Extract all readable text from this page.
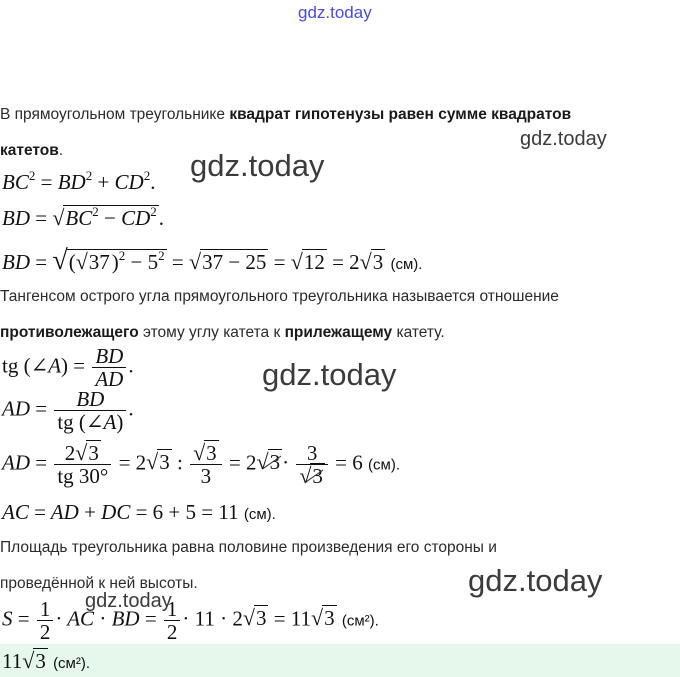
gdz.today
gdz.today
gdz.today
gdz.today
gdz.today
gdz.today
В прямоугольном треугольнике квадрат гипотенузы равен сумме квадратов
катетов.
$BC^2 = BD^2 + CD^2$.
BD = $√BC^2 - CD^2$.
BD = $√(√37)^2 - 5^2 = √37 - 25 = √12 = 2√3$ (см).
Тангенсом острого угла прямоугольного треугольника называется отношение
противолежащего этому углу катета к прилежащему катету.
tg (∠A) = $\frac{BD}{AD}$ .
AD = $\frac{BD}{tg (\angle A)}$ .
AD = $\frac{2√3}{tg 30^\circ} = 2√3$ : $\frac{√3}{3} = 2√3\cdot \frac{3}{√3} = 6$ (см).
AC = AD + DC = 6 + 5 = 11 (см).
Площадь треугольника равна половине произведения его стороны и
проведённой к ней высоты.
$S = \frac{1}{2}$ · AC · BD = $\frac{1}{2} \cdot 11 \cdot 2√3 = 11√3$ (см²).
11√3 (см²).
